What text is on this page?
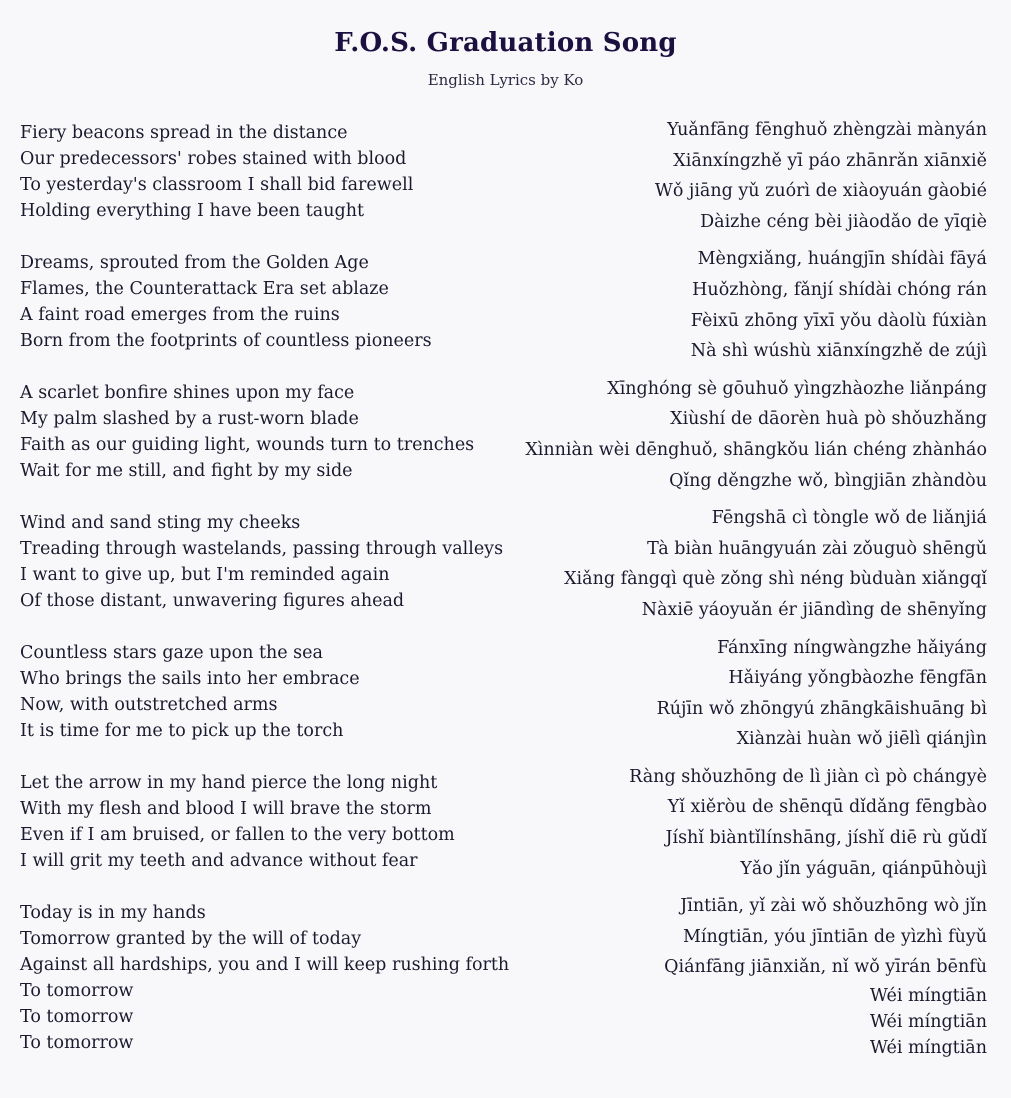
F.O.S. Graduation Song
English Lyrics by Ko
Fiery beacons spread in the distance
Our predecessors' robes stained with blood
To yesterday's classroom I shall bid farewell
Holding everything I have been taught
Dreams, sprouted from the Golden Age
Flames, the Counterattack Era set ablaze
A faint road emerges from the ruins
Born from the footprints of countless pioneers
A scarlet bonfire shines upon my face
My palm slashed by a rust-worn blade
Faith as our guiding light, wounds turn to trenches
Wait for me still, and fight by my side
Wind and sand sting my cheeks
Treading through wastelands, passing through valleys
I want to give up, but I'm reminded again
Of those distant, unwavering figures ahead
Countless stars gaze upon the sea
Who brings the sails into her embrace
Now, with outstretched arms
It is time for me to pick up the torch
Let the arrow in my hand pierce the long night
With my flesh and blood I will brave the storm
Even if I am bruised, or fallen to the very bottom
I will grit my teeth and advance without fear
Today is in my hands
Tomorrow granted by the will of today
Against all hardships, you and I will keep rushing forth
To tomorrow
To tomorrow
To tomorrow
Yuǎnfāng fēnghuǒ zhèngzài mànyán
Xiānxíngzhě yī páo zhānrǎn xiānxiě
Wǒ jiāng yǔ zuórì de xiàoyuán gàobié
Dàizhe céng bèi jiàodǎo de yīqiè
Mèngxiǎng, huángjīn shídài fāyá
Huǒzhòng, fǎnjí shídài chóng rán
Fèixū zhōng yīxī yǒu dàolù fúxiàn
Nà shì wúshù xiānxíngzhě de zújì
Xīnghóng sè gōuhuǒ yìngzhàozhe liǎnpáng
Xiùshí de dāorèn huà pò shǒuzhǎng
Xìnniàn wèi dēnghuǒ, shāngkǒu lián chéng zhànháo
Qǐng děngzhe wǒ, bìngjiān zhàndòu
Fēngshā cì tòngle wǒ de liǎnjiá
Tà biàn huāngyuán zài zǒuguò shēngǔ
Xiǎng fàngqì què zǒng shì néng bùduàn xiǎngqǐ
Nàxiē yáoyuǎn ér jiāndìng de shēnyǐng
Fánxīng níngwàngzhe hǎiyáng
Hǎiyáng yǒngbàozhe fēngfān
Rújīn wǒ zhōngyú zhāngkāishuāng bì
Xiànzài huàn wǒ jiēlì qiánjìn
Ràng shǒuzhōng de lì jiàn cì pò chángyè
Yǐ xiěròu de shēnqū dǐdǎng fēngbào
Jíshǐ biàntǐlínshāng, jíshǐ diē rù gǔdǐ
Yǎo jǐn yáguān, qiánpūhòujì
Jīntiān, yǐ zài wǒ shǒuzhōng wò jǐn
Míngtiān, yóu jīntiān de yìzhì fùyǔ
Qiánfāng jiānxiǎn, nǐ wǒ yīrán bēnfù
Wéi míngtiān
Wéi míngtiān
Wéi míngtiān
